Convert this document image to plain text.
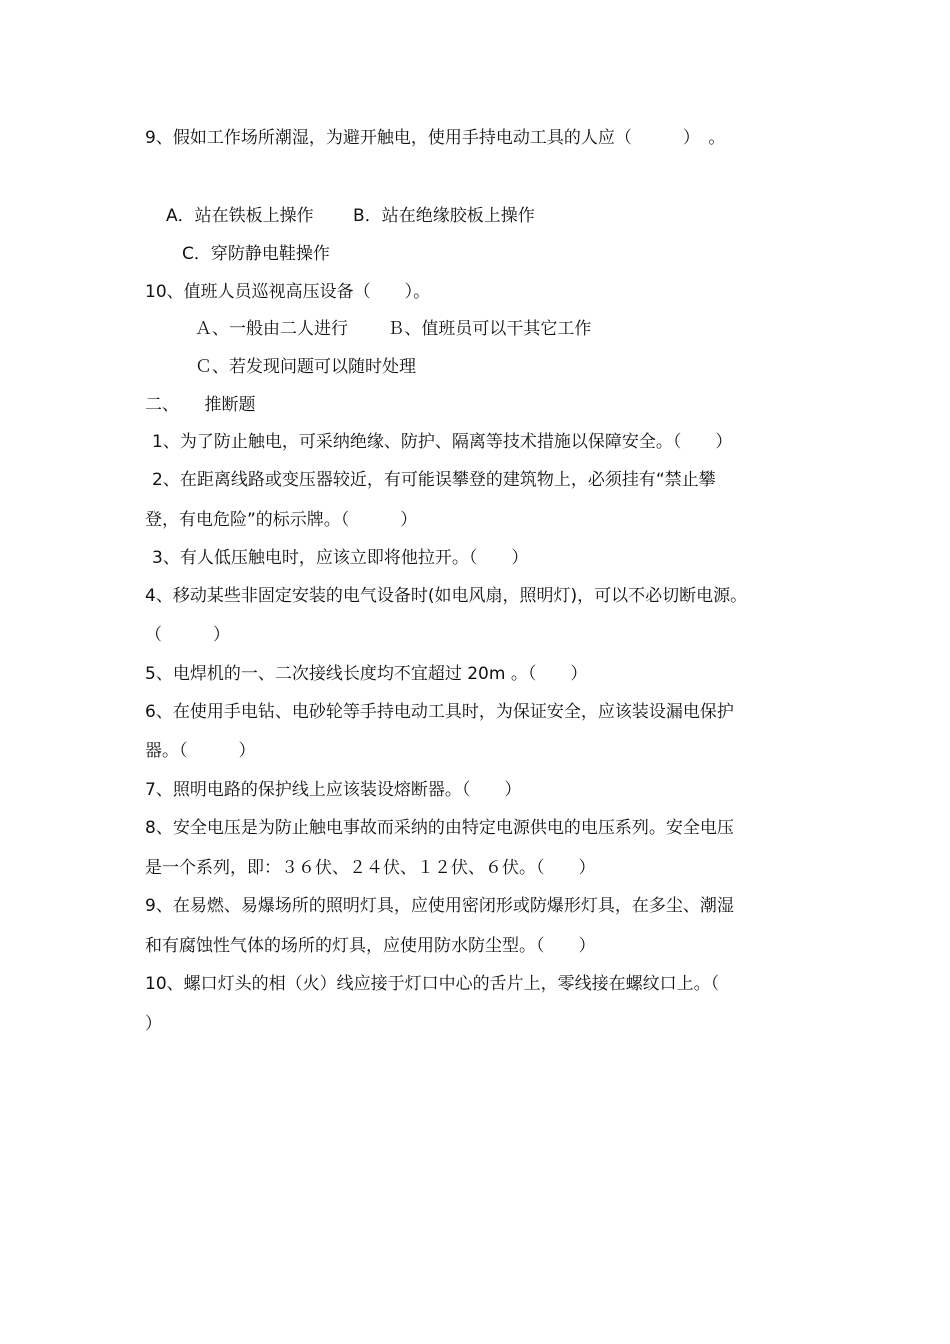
9、假如工作场所潮湿，为避开触电，使用手持电动工具的人应（　　　）　。
A．站在铁板上操作　　 B．站在绝缘胶板上操作
C．穿防静电鞋操作
10、值班人员巡视高压设备（　　）。
Ａ、一般由二人进行　　 Ｂ、值班员可以干其它工作
Ｃ、若发现问题可以随时处理
二、　　推断题
1、为了防止触电，可采纳绝缘、防护、隔离等技术措施以保障安全。（　　）
2、在距离线路或变压器较近，有可能误攀登的建筑物上，必须挂有“禁止攀
登，有电危险”的标示牌。（　　　）
3、有人低压触电时，应该立即将他拉开。（　　）
4、移动某些非固定安装的电气设备时(如电风扇，照明灯)，可以不必切断电源。
（　　　）
5、电焊机的一、二次接线长度均不宜超过 20m 。（　　）
6、在使用手电钻、电砂轮等手持电动工具时，为保证安全，应该装设漏电保护
器。（　　　）
7、照明电路的保护线上应该装设熔断器。（　　）
8、安全电压是为防止触电事故而采纳的由特定电源供电的电压系列。安全电压
是一个系列，即：３６伏、２４伏、１２伏、６伏。（　　）
9、在易燃、易爆场所的照明灯具，应使用密闭形或防爆形灯具，在多尘、潮湿
和有腐蚀性气体的场所的灯具，应使用防水防尘型。（　　）
10、螺口灯头的相（火）线应接于灯口中心的舌片上，零线接在螺纹口上。（
）
